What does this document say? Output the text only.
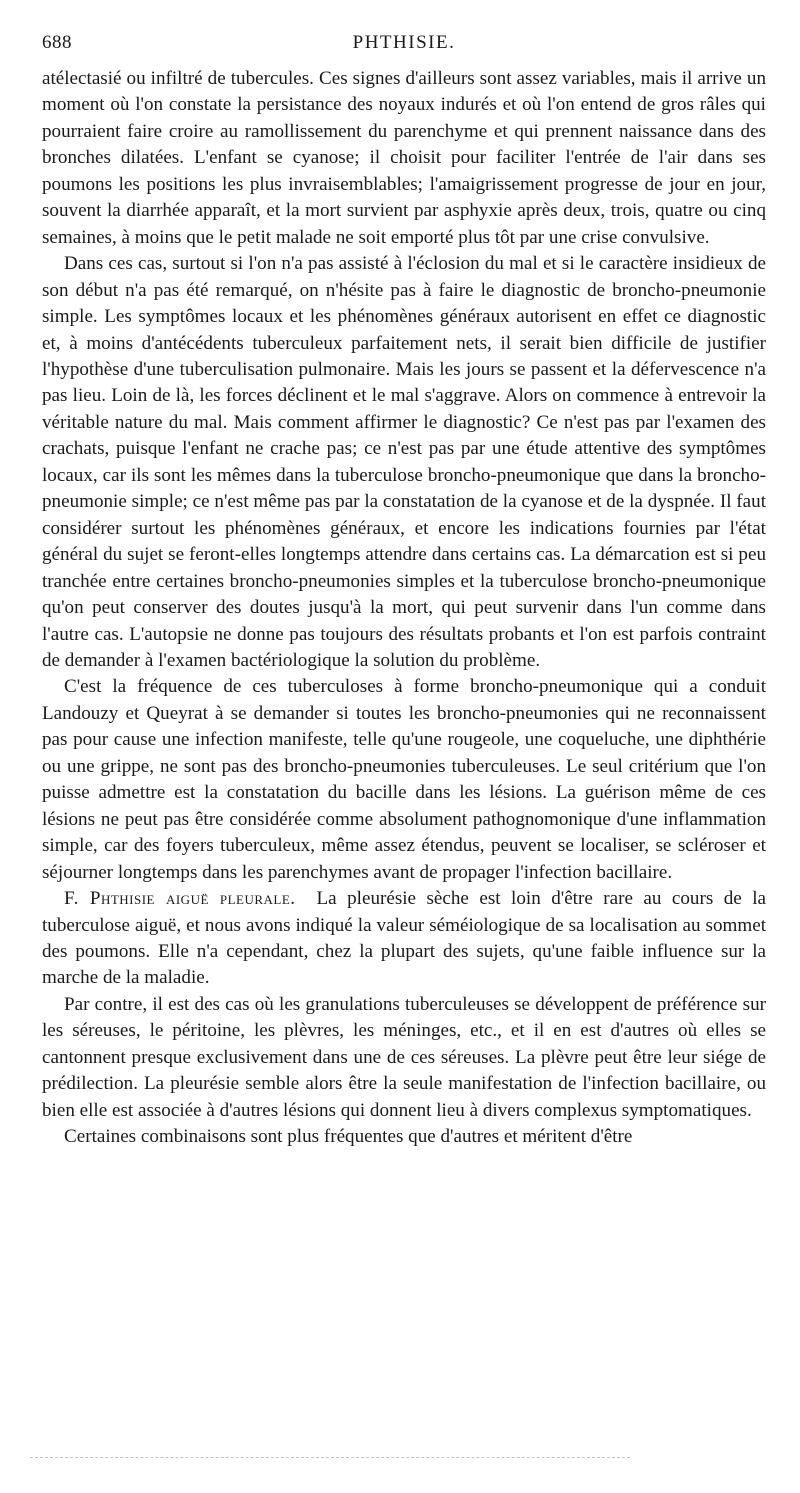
688	PHTHISIE.

atélectasié ou infiltré de tubercules. Ces signes d'ailleurs sont assez variables, mais il arrive un moment où l'on constate la persistance des noyaux indurés et où l'on entend de gros râles qui pourraient faire croire au ramollissement du parenchyme et qui prennent naissance dans des bronches dilatées. L'enfant se cyanose; il choisit pour faciliter l'entrée de l'air dans ses poumons les positions les plus invraisemblables; l'amaigrissement progresse de jour en jour, souvent la diarrhée apparaît, et la mort survient par asphyxie après deux, trois, quatre ou cinq semaines, à moins que le petit malade ne soit emporté plus tôt par une crise convulsive.

Dans ces cas, surtout si l'on n'a pas assisté à l'éclosion du mal et si le caractère insidieux de son début n'a pas été remarqué, on n'hésite pas à faire le diagnostic de broncho-pneumonie simple. Les symptômes locaux et les phénomènes généraux autorisent en effet ce diagnostic et, à moins d'antécédents tuberculeux parfaitement nets, il serait bien difficile de justifier l'hypothèse d'une tuberculisation pulmonaire. Mais les jours se passent et la défervescence n'a pas lieu. Loin de là, les forces déclinent et le mal s'aggrave. Alors on commence à entrevoir la véritable nature du mal. Mais comment affirmer le diagnostic? Ce n'est pas par l'examen des crachats, puisque l'enfant ne crache pas; ce n'est pas par une étude attentive des symptômes locaux, car ils sont les mêmes dans la tuberculose broncho-pneumonique que dans la broncho-pneumonie simple; ce n'est même pas par la constatation de la cyanose et de la dyspnée. Il faut considérer surtout les phénomènes généraux, et encore les indications fournies par l'état général du sujet se feront-elles longtemps attendre dans certains cas. La démarcation est si peu tranchée entre certaines broncho-pneumonies simples et la tuberculose broncho-pneumonique qu'on peut conserver des doutes jusqu'à la mort, qui peut survenir dans l'un comme dans l'autre cas. L'autopsie ne donne pas toujours des résultats probants et l'on est parfois contraint de demander à l'examen bactériologique la solution du problème.

C'est la fréquence de ces tuberculoses à forme broncho-pneumonique qui a conduit Landouzy et Queyrat à se demander si toutes les broncho-pneumonies qui ne reconnaissent pas pour cause une infection manifeste, telle qu'une rougeole, une coqueluche, une diphthérie ou une grippe, ne sont pas des broncho-pneumonies tuberculeuses. Le seul critérium que l'on puisse admettre est la constatation du bacille dans les lésions. La guérison même de ces lésions ne peut pas être considérée comme absolument pathognomonique d'une inflammation simple, car des foyers tuberculeux, même assez étendus, peuvent se localiser, se scléroser et séjourner longtemps dans les parenchymes avant de propager l'infection bacillaire.

F. Phthisie aiguë pleurale. La pleurésie sèche est loin d'être rare au cours de la tuberculose aiguë, et nous avons indiqué la valeur séméiologique de sa localisation au sommet des poumons. Elle n'a cependant, chez la plupart des sujets, qu'une faible influence sur la marche de la maladie.

Par contre, il est des cas où les granulations tuberculeuses se développent de préférence sur les séreuses, le péritoine, les plèvres, les méninges, etc., et il en est d'autres où elles se cantonnent presque exclusivement dans une de ces séreuses. La plèvre peut être leur siége de prédilection. La pleurésie semble alors être la seule manifestation de l'infection bacillaire, ou bien elle est associée à d'autres lésions qui donnent lieu à divers complexus symptomatiques.

Certaines combinaisons sont plus fréquentes que d'autres et méritent d'être
